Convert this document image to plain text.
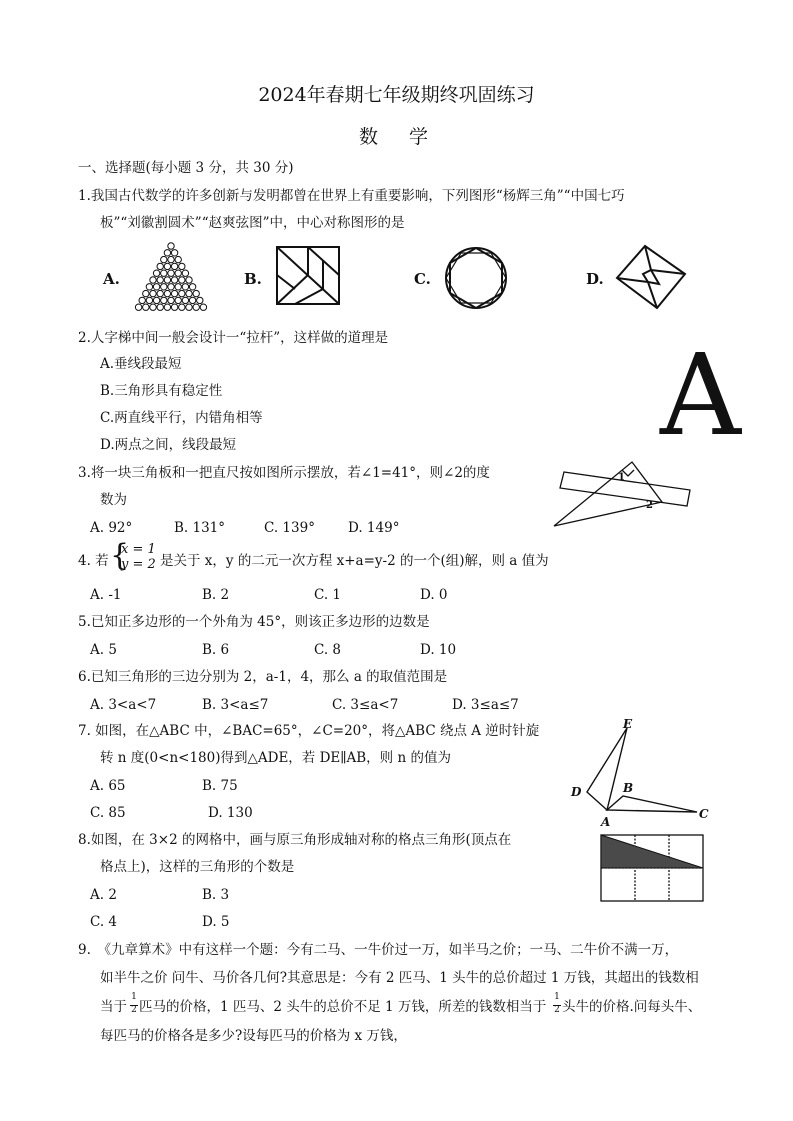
2024年春期七年级期终巩固练习
数　学
一、选择题(每小题 3 分，共 30 分)
1.我国古代数学的许多创新与发明都曾在世界上有重要影响，下列图形“杨辉三角”“中国七巧
板”“刘徽割圆术”“赵爽弦图”中，中心对称图形的是
A.	B.	C.	D.
2.人字梯中间一般会设计一“拉杆”，这样做的道理是
A.垂线段最短
B.三角形具有稳定性
C.两直线平行，内错角相等
D.两点之间，线段最短	A
3.将一块三角板和一把直尺按如图所示摆放，若∠1=41°，则∠2的度
数为
A. 92°	B. 131°	C. 139° D. 149°
1
2
4. 若 {
x = 1
y = 2 是关于 x，y 的二元一次方程 x+a=y-2 的一个(组)解，则 a 值为
A. -1	B. 2	C. 1	D. 0
5.已知正多边形的一个外角为 45°，则该正多边形的边数是
A. 5	B. 6	C. 8	D. 10
6.已知三角形的三边分别为 2，a-1，4，那么 a 的取值范围是
A. 3<a<7	B. 3<a≤7	C. 3≤a<7	D. 3≤a≤7
7. 如图，在△ABC 中，∠BAC=65°，∠C=20°，将△ABC 绕点 A 逆时针旋
转 n 度(0<n<180)得到△ADE，若 DE∥AB，则 n 的值为
A. 65	B. 75
C. 85	D. 130
E
D	B
C
A
8.如图，在 3×2 的网格中，画与原三角形成轴对称的格点三角形(顶点在
格点上)，这样的三角形的个数是
A. 2	B. 3
C. 4	D. 5
9.　《九章算术》中有这样一个题：今有二马、一牛价过一万，如半马之价；一马、二牛价不满一万，
如半牛之价 问牛、马价各几何?其意思是：今有 2 匹马、1 头牛的总价超过 1 万钱，其超出的钱数相
当于
1
2 匹马的价格，1 匹马、2 头牛的总价不足 1 万钱，所差的钱数相当于
1
2 头牛的价格.问每头牛、
每匹马的价格各是多少?设每匹马的价格为 x 万钱，
